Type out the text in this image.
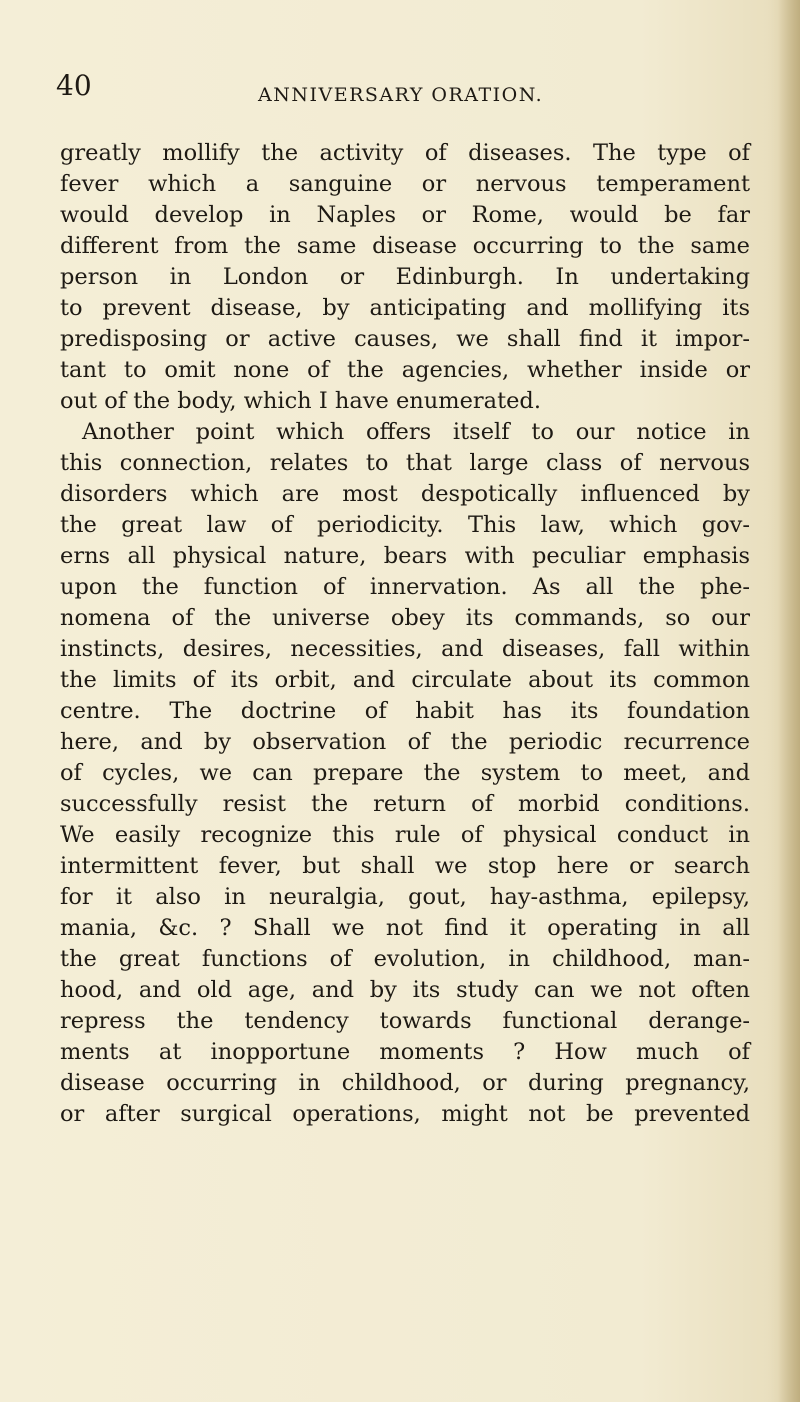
40	ANNIVERSARY ORATION.
greatly mollify the activity of diseases. The type of
fever which a sanguine or nervous temperament
would develop in Naples or Rome, would be far
different from the same disease occurring to the same
person in London or Edinburgh. In undertaking
to prevent disease, by anticipating and mollifying its
predisposing or active causes, we shall find it impor-
tant to omit none of the agencies, whether inside or
out of the body, which I have enumerated.
Another point which offers itself to our notice in
this connection, relates to that large class of nervous
disorders which are most despotically influenced by
the great law of periodicity. This law, which gov-
erns all physical nature, bears with peculiar emphasis
upon the function of innervation. As all the phe-
nomena of the universe obey its commands, so our
instincts, desires, necessities, and diseases, fall within
the limits of its orbit, and circulate about its common
centre. The doctrine of habit has its foundation
here, and by observation of the periodic recurrence
of cycles, we can prepare the system to meet, and
successfully resist the return of morbid conditions.
We easily recognize this rule of physical conduct in
intermittent fever, but shall we stop here or search
for it also in neuralgia, gout, hay-asthma, epilepsy,
mania, &c. ? Shall we not find it operating in all
the great functions of evolution, in childhood, man-
hood, and old age, and by its study can we not often
repress the tendency towards functional derange-
ments at inopportune moments ? How much of
disease occurring in childhood, or during pregnancy,
or after surgical operations, might not be prevented
